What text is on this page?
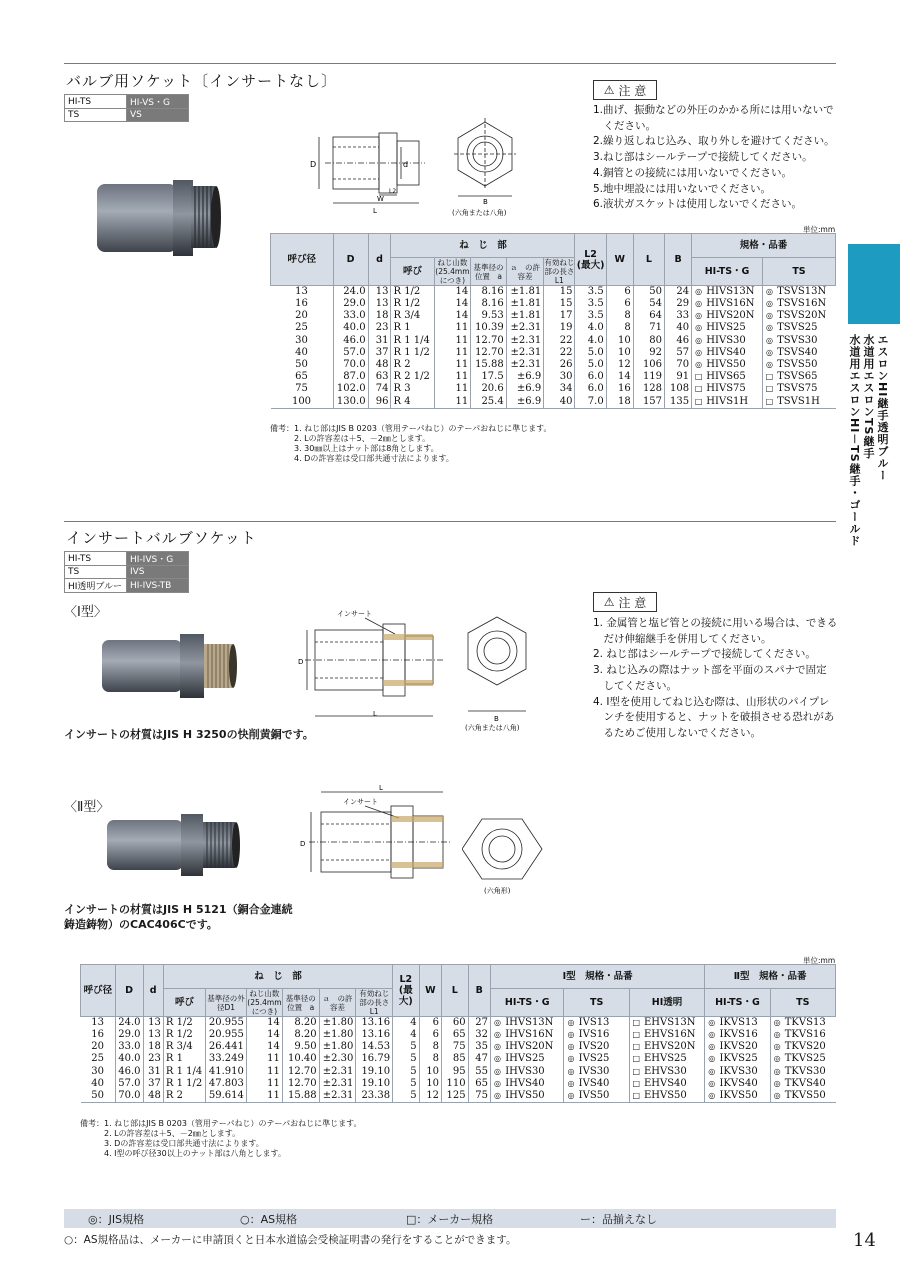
バルブ用ソケット〔インサートなし〕
HI-TS	HI-VS・G
TS	VS
D	d
W
L2
L
B
(六角または八角)
⚠ 注 意
1.曲げ、振動などの外圧のかかる所には用いないで
　ください。
2.繰り返しねじ込み、取り外しを避けてください。
3.ねじ部はシールテープで接続してください。
4.銅管との接続には用いないでください。
5.地中埋設には用いないでください。
6.液状ガスケットは使用しないでください。
単位:mm
呼び径	D	d	ね　じ　部					L2
(最大)	W	L	B	規格・品番	
			呼び	ねじ山数
(25.4mmにつき)	基準径の位置　a	ａ　の許容差	有効ねじ部の長さ L1					HI-TS・G	TS
13	24.0	13	R 1/2	14	8.16	±1.81	15	3.5	6	50	24	◎ HIVS13N	◎ TSVS13N
16	29.0	13	R 1/2	14	8.16	±1.81	15	3.5	6	54	29	◎ HIVS16N	◎ TSVS16N
20	33.0	18	R 3/4	14	9.53	±1.81	17	3.5	8	64	33	◎ HIVS20N	◎ TSVS20N
25	40.0	23	R 1	11	10.39	±2.31	19	4.0	8	71	40	◎ HIVS25	◎ TSVS25
30	46.0	31	R 1 1/4	11	12.70	±2.31	22	4.0	10	80	46	◎ HIVS30	◎ TSVS30
40	57.0	37	R 1 1/2	11	12.70	±2.31	22	5.0	10	92	57	◎ HIVS40	◎ TSVS40
50	70.0	48	R 2	11	15.88	±2.31	26	5.0	12	106	70	◎ HIVS50	◎ TSVS50
65	87.0	63	R 2 1/2	11	17.5	±6.9	30	6.0	14	119	91	□ HIVS65	□ TSVS65
75	102.0	74	R 3	11	20.6	±6.9	34	6.0	16	128	108	□ HIVS75	□ TSVS75
100	130.0	96	R 4	11	25.4	±6.9	40	7.0	18	157	135	□ HIVS1H	□ TSVS1H
備考：1. ねじ部はJIS B 0203（管用テーパねじ）のテーパおねじに準じます。
2. Lの許容差は＋5、－2㎜とします。
3. 30㎜以上はナット部は8角とします。
4. Dの許容差は受口部共通寸法によります。
インサートバルブソケット
HI-TS	HI-IVS・G
TS	IVS
HI透明ブルー	HI-IVS-TB
〈Ⅰ型〉
インサートの材質はJIS H 3250の快削黄銅です。
インサート
D
L
B
(六角または八角)
⚠ 注 意
1. 金属管と塩ビ管との接続に用いる場合は、できる
　だけ伸縮継手を併用してください。
2. ねじ部はシールテープで接続してください。
3. ねじ込みの際はナット部を平面のスパナで固定
　してください。
4. Ⅰ型を使用してねじ込む際は、山形状のパイプレ
　ンチを使用すると、ナットを破損させる恐れがあ
　るためご使用しないでください。
〈Ⅱ型〉
インサートの材質はJIS H 5121（銅合金連続
鋳造鋳物）のCAC406Cです。
L
インサート
D
(六角形)
単位:mm
呼び径	D	d	ね　じ　部						L2
(最大)	W	L	B	Ⅰ型　規格・品番			Ⅱ型　規格・品番	
			呼び	基準径の外径D1	ねじ山数
(25.4mmにつき)	基準径の位置　a	ａ　の許容差	有効ねじ部の長さ L1					HI-TS・G	TS	HI透明	HI-TS・G	TS
13	24.0	13	R 1/2	20.955	14	8.20	±1.80	13.16	4	6	60	27	◎ IHVS13N	◎ IVS13	□ EHVS13N	◎ IKVS13	◎ TKVS13
16	29.0	13	R 1/2	20.955	14	8.20	±1.80	13.16	4	6	65	32	◎ IHVS16N	◎ IVS16	□ EHVS16N	◎ IKVS16	◎ TKVS16
20	33.0	18	R 3/4	26.441	14	9.50	±1.80	14.53	5	8	75	35	◎ IHVS20N	◎ IVS20	□ EHVS20N	◎ IKVS20	◎ TKVS20
25	40.0	23	R 1	33.249	11	10.40	±2.30	16.79	5	8	85	47	◎ IHVS25	◎ IVS25	□ EHVS25	◎ IKVS25	◎ TKVS25
30	46.0	31	R 1 1/4	41.910	11	12.70	±2.31	19.10	5	10	95	55	◎ IHVS30	◎ IVS30	□ EHVS30	◎ IKVS30	◎ TKVS30
40	57.0	37	R 1 1/2	47.803	11	12.70	±2.31	19.10	5	10	110	65	◎ IHVS40	◎ IVS40	□ EHVS40	◎ IKVS40	◎ TKVS40
50	70.0	48	R 2	59.614	11	15.88	±2.31	23.38	5	12	125	75	◎ IHVS50	◎ IVS50	□ EHVS50	◎ IKVS50	◎ TKVS50
備考：1. ねじ部はJIS B 0203（管用テーパねじ）のテーパおねじに準じます。
2. Lの許容差は＋5、－2㎜とします。
3. Dの許容差は受口部共通寸法によります。
4. Ⅰ型の呼び径30以上のナット部は八角とします。
エスロンHI継手透明ブルー
水道用エスロンTS継手
水道用エスロンHI－TS継手・ゴールド
◎：JIS規格	○：AS規格	□：メーカー規格	ー：品揃えなし
○：AS規格品は、メーカーに申請頂くと日本水道協会受検証明書の発行をすることができます。	14
